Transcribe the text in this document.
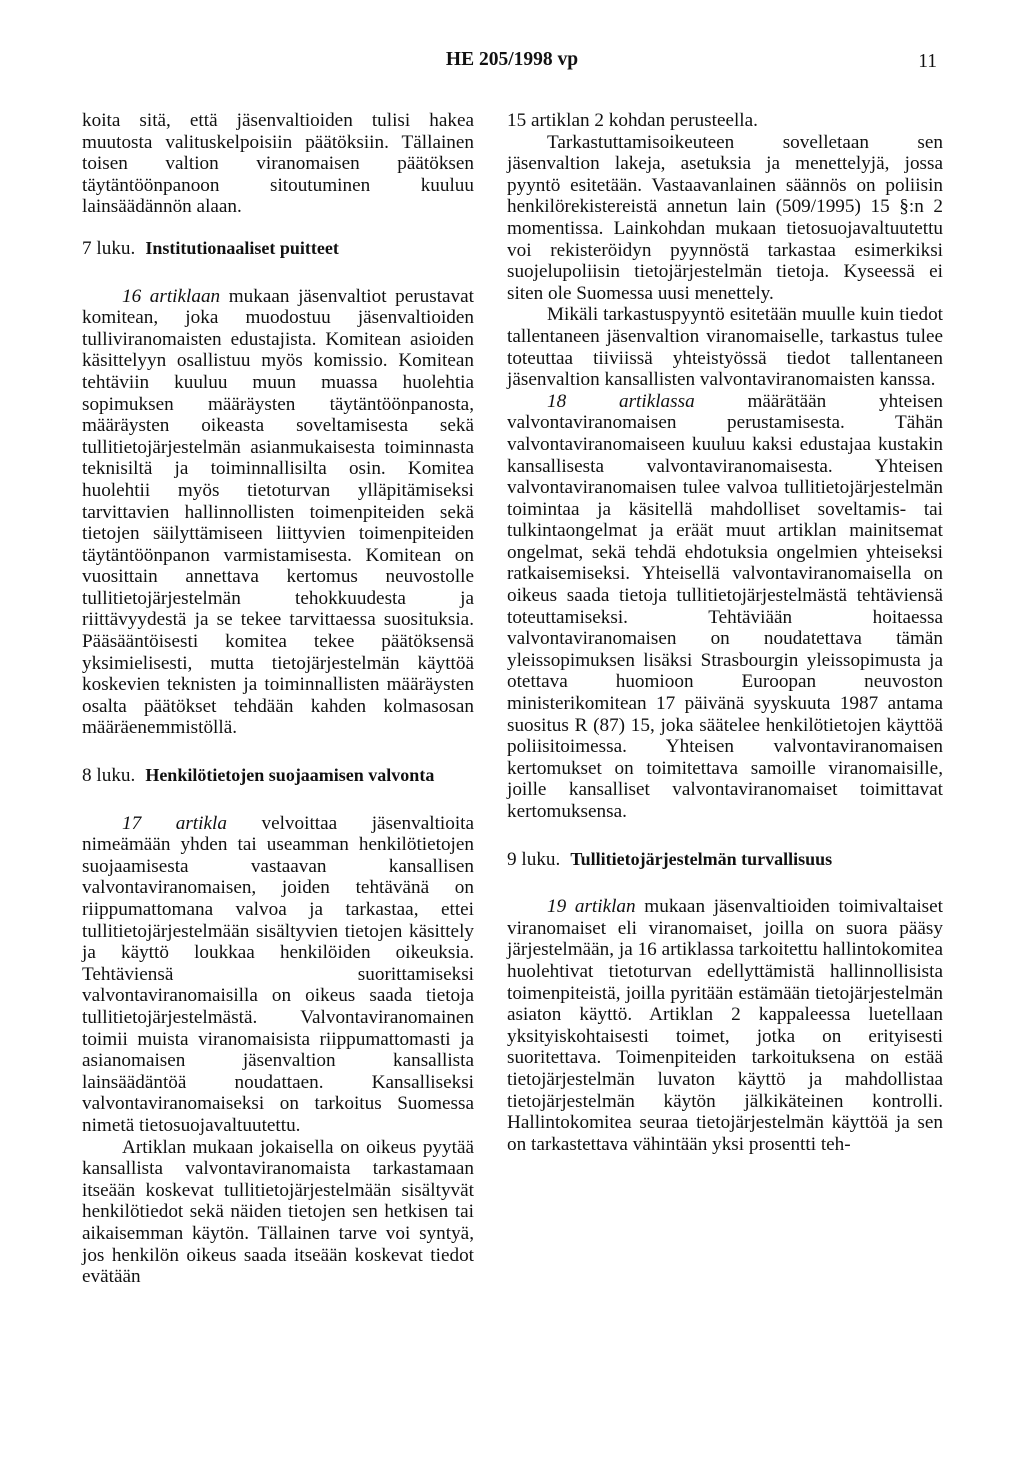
HE 205/1998 vp	11

koita sitä, että jäsenvaltioiden tulisi hakea muutosta valituskelpoisiin päätöksiin. Tällainen toisen valtion viranomaisen päätöksen täytäntöönpanoon sitoutuminen kuuluu lainsäädännön alaan.

7 luku. Institutionaaliset puitteet

16 artiklaan mukaan jäsenvaltiot perustavat komitean, joka muodostuu jäsenvaltioiden tulliviranomaisten edustajista. Komitean asioiden käsittelyyn osallistuu myös komissio. Komitean tehtäviin kuuluu muun muassa huolehtia sopimuksen määräysten täytäntöönpanosta, määräysten oikeasta soveltamisesta sekä tullitietojärjestelmän asianmukaisesta toiminnasta teknisiltä ja toiminnallisilta osin. Komitea huolehtii myös tietoturvan ylläpitämiseksi tarvittavien hallinnollisten toimenpiteiden sekä tietojen säilyttämiseen liittyvien toimenpiteiden täytäntöönpanon varmistamisesta. Komitean on vuosittain annettava kertomus neuvostolle tullitietojärjestelmän tehokkuudesta ja riittävyydestä ja se tekee tarvittaessa suosituksia. Pääsääntöisesti komitea tekee päätöksensä yksimielisesti, mutta tietojärjestelmän käyttöä koskevien teknisten ja toiminnallisten määräysten osalta päätökset tehdään kahden kolmasosan määräenemmistöllä.

8 luku. Henkilötietojen suojaamisen valvonta

17 artikla velvoittaa jäsenvaltioita nimeämään yhden tai useamman henkilötietojen suojaamisesta vastaavan kansallisen valvontaviranomaisen, joiden tehtävänä on riippumattomana valvoa ja tarkastaa, ettei tullitietojärjestelmään sisältyvien tietojen käsittely ja käyttö loukkaa henkilöiden oikeuksia. Tehtäviensä suorittamiseksi valvontaviranomaisilla on oikeus saada tietoja tullitietojärjestelmästä. Valvontaviranomainen toimii muista viranomaisista riippumattomasti ja asianomaisen jäsenvaltion kansallista lainsäädäntöä noudattaen. Kansalliseksi valvontaviranomaiseksi on tarkoitus Suomessa nimetä tietosuojavaltuutettu.

Artiklan mukaan jokaisella on oikeus pyytää kansallista valvontaviranomaista tarkastamaan itseään koskevat tullitietojärjestelmään sisältyvät henkilötiedot sekä näiden tietojen sen hetkisen tai aikaisemman käytön. Tällainen tarve voi syntyä, jos henkilön oikeus saada itseään koskevat tiedot evätään

15 artiklan 2 kohdan perusteella.

Tarkastuttamisoikeuteen sovelletaan sen jäsenvaltion lakeja, asetuksia ja menettelyjä, jossa pyyntö esitetään. Vastaavanlainen säännös on poliisin henkilörekistereistä annetun lain (509/1995) 15 §:n 2 momentissa. Lainkohdan mukaan tietosuojavaltuutettu voi rekisteröidyn pyynnöstä tarkastaa esimerkiksi suojelupoliisin tietojärjestelmän tietoja. Kyseessä ei siten ole Suomessa uusi menettely.

Mikäli tarkastuspyyntö esitetään muulle kuin tiedot tallentaneen jäsenvaltion viranomaiselle, tarkastus tulee toteuttaa tiiviissä yhteistyössä tiedot tallentaneen jäsenvaltion kansallisten valvontaviranomaisten kanssa.

18 artiklassa määrätään yhteisen valvontaviranomaisen perustamisesta. Tähän valvontaviranomaiseen kuuluu kaksi edustajaa kustakin kansallisesta valvontaviranomaisesta. Yhteisen valvontaviranomaisen tulee valvoa tullitietojärjestelmän toimintaa ja käsitellä mahdolliset soveltamis- tai tulkintaongelmat ja eräät muut artiklan mainitsemat ongelmat, sekä tehdä ehdotuksia ongelmien yhteiseksi ratkaisemiseksi. Yhteisellä valvontaviranomaisella on oikeus saada tietoja tullitietojärjestelmästä tehtäviensä toteuttamiseksi. Tehtäviään hoitaessa valvontaviranomaisen on noudatettava tämän yleissopimuksen lisäksi Strasbourgin yleissopimusta ja otettava huomioon Euroopan neuvoston ministerikomitean 17 päivänä syyskuuta 1987 antama suositus R (87) 15, joka säätelee henkilötietojen käyttöä poliisitoimessa. Yhteisen valvontaviranomaisen kertomukset on toimitettava samoille viranomaisille, joille kansalliset valvontaviranomaiset toimittavat kertomuksensa.

9 luku. Tullitietojärjestelmän turvallisuus

19 artiklan mukaan jäsenvaltioiden toimivaltaiset viranomaiset eli viranomaiset, joilla on suora pääsy järjestelmään, ja 16 artiklassa tarkoitettu hallintokomitea huolehtivat tietoturvan edellyttämistä hallinnollisista toimenpiteistä, joilla pyritään estämään tietojärjestelmän asiaton käyttö. Artiklan 2 kappaleessa luetellaan yksityiskohtaisesti toimet, jotka on erityisesti suoritettava. Toimenpiteiden tarkoituksena on estää tietojärjestelmän luvaton käyttö ja mahdollistaa tietojärjestelmän käytön jälkikäteinen kontrolli. Hallintokomitea seuraa tietojärjestelmän käyttöä ja sen on tarkastettava vähintään yksi prosentti teh-
